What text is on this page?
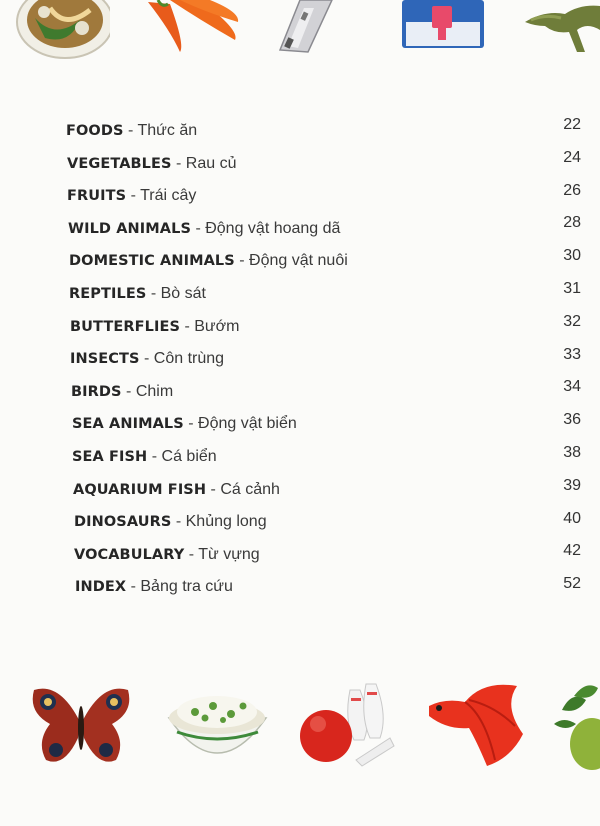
FOODS - Thức ăn	22
VEGETABLES - Rau củ	24
FRUITS - Trái cây	26
WILD ANIMALS - Động vật hoang dã	28
DOMESTIC ANIMALS - Động vật nuôi	30
REPTILES - Bò sát	31
BUTTERFLIES - Bướm	32
INSECTS - Côn trùng	33
BIRDS - Chim	34
SEA ANIMALS - Động vật biển	36
SEA FISH - Cá biển	38
AQUARIUM FISH - Cá cảnh	39
DINOSAURS - Khủng long	40
VOCABULARY - Từ vựng	42
INDEX - Bảng tra cứu	52
